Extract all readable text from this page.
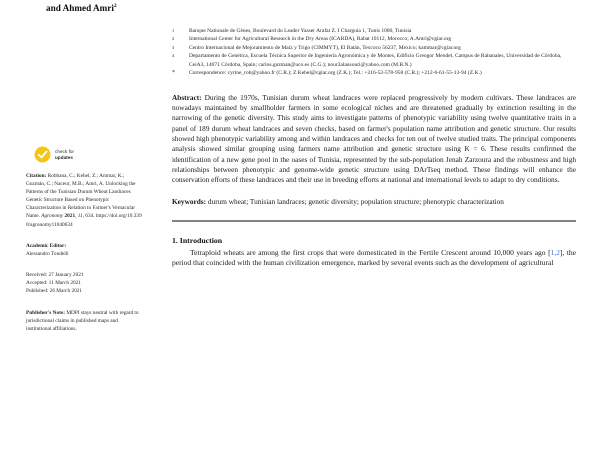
check for
updates
Citation: Robbana, C.; Kehel, Z.; Ammar, K.; Guzmán, C.; Naceur, M.B.; Amri, A. Unlocking the Patterns of the Tunisian Durum Wheat Landraces Genetic Structure Based on Phenotypic Characterization in Relation to Farmer's Vernacular Name. Agronomy 2021, 11, 634. https://doi.org/10.3390/agronomy11040634
Academic Editor:
Alessandro Tondelli
Received: 27 January 2021
Accepted: 11 March 2021
Published: 26 March 2021
Publisher's Note: MDPI stays neutral with regard to jurisdictional claims in published maps and institutional affiliations.
and Ahmed Amri$^2$
1	Banque Nationale de Gènes, Boulevard du Leader Yasser Arafat Z. I Charguia 1, Tunis 1080, Tunisia
2	International Center for Agricultural Research in the Dry Areas (ICARDA), Rabat 10112, Morocco; A.Amri@cgiar.org
3	Centro Internacional de Mejoramiento de Maíz y Trigo (CIMMYT), El Batán, Texcoco 56237, Mexico; kammar@cgiar.org
4	Departamento de Genética, Escuela Técnica Superior de Ingeniería Agronómica y de Montes, Edificio Greogor Mendel, Campus de Rabanales, Universidad de Córdoba, CeiA3, 14071 Córdoba, Spain; carlos.guzman@uco.es (C.G.); nour3alansouri@yahoo.com (M.B.N.)
*	Correspondence: cyrine_rob@yahoo.fr (C.R.); Z.Kehel@cgiar.org (Z.K.); Tel.: +216-52-578-958 (C.R.); +212-6-61-55-13-94 (Z.K.)
Abstract: During the 1970s, Tunisian durum wheat landraces were replaced progressively by modern cultivars. These landraces are nowadays maintained by smallholder farmers in some ecological niches and are threatened gradually by extinction resulting in the narrowing of the genetic diversity. This study aims to investigate patterns of phenotypic variability using twelve quantitative traits in a panel of 189 durum wheat landraces and seven checks, based on farmer's population name attribution and genetic structure. Our results showed high phenotypic variability among and within landraces and checks for ten out of twelve studied traits. The principal components analysis showed similar grouping using farmers name attribution and genetic structure using K = 6. These results confirmed the identification of a new gene pool in the oases of Tunisia, represented by the sub-population Jenah Zarzoura and the robustness and high relationships between phenotypic and genome-wide genetic structure using DArTseq method. These findings will enhance the conservation efforts of these landraces and their use in breeding efforts at national and international levels to adapt to dry conditions.
Keywords: durum wheat; Tunisian landraces; genetic diversity; population structure; phenotypic characterization
1. Introduction
Tetraploid wheats are among the first crops that were domesticated in the Fertile Crescent around 10,000 years ago [1,2], the period that coincided with the human civilization emergence, marked by several events such as the development of agricultural
